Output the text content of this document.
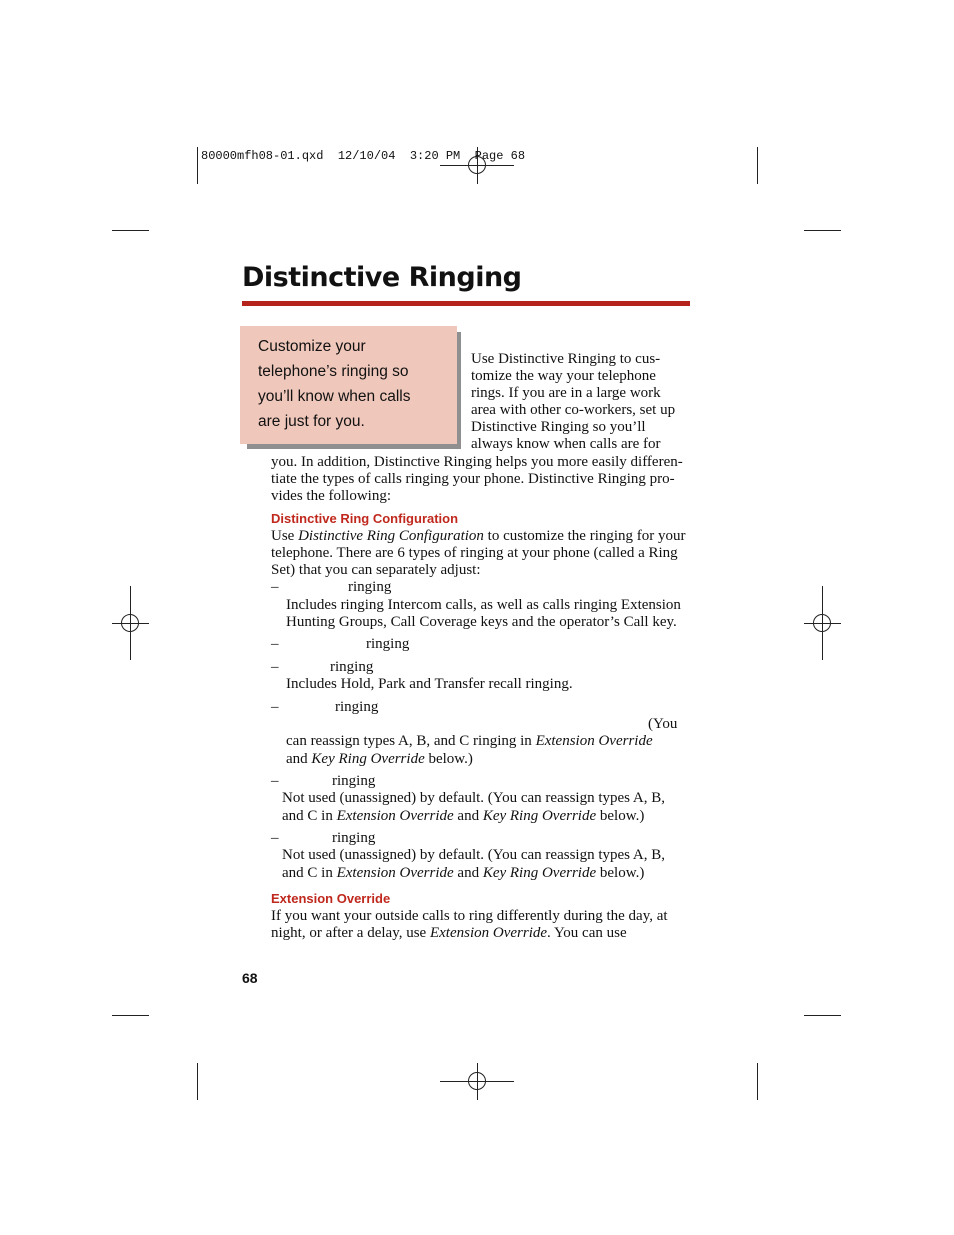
80000mfh08-01.qxd  12/10/04  3:20 PM  Page 68
Distinctive Ringing
Customize your
telephone’s ringing so
you’ll know when calls
are just for you.
Use Distinctive Ringing to cus-
tomize the way your telephone
rings. If you are in a large work
area with other co-workers, set up
Distinctive Ringing so you’ll
always know when calls are for
you. In addition, Distinctive Ringing helps you more easily differen-
tiate the types of calls ringing your phone. Distinctive Ringing pro-
vides the following:
Distinctive Ring Configuration
Use Distinctive Ring Configuration to customize the ringing for your
telephone. There are 6 types of ringing at your phone (called a Ring
Set) that you can separately adjust:
–	ringing
Includes ringing Intercom calls, as well as calls ringing Extension
Hunting Groups, Call Coverage keys and the operator’s Call key.
–	ringing
–	ringing
Includes Hold, Park and Transfer recall ringing.
–	ringing
(You
can reassign types A, B, and C ringing in Extension Override
and Key Ring Override below.)
–	ringing
Not used (unassigned) by default. (You can reassign types A, B,
and C in Extension Override and Key Ring Override below.)
–	ringing
Not used (unassigned) by default. (You can reassign types A, B,
and C in Extension Override and Key Ring Override below.)
Extension Override
If you want your outside calls to ring differently during the day, at
night, or after a delay, use Extension Override. You can use
68
